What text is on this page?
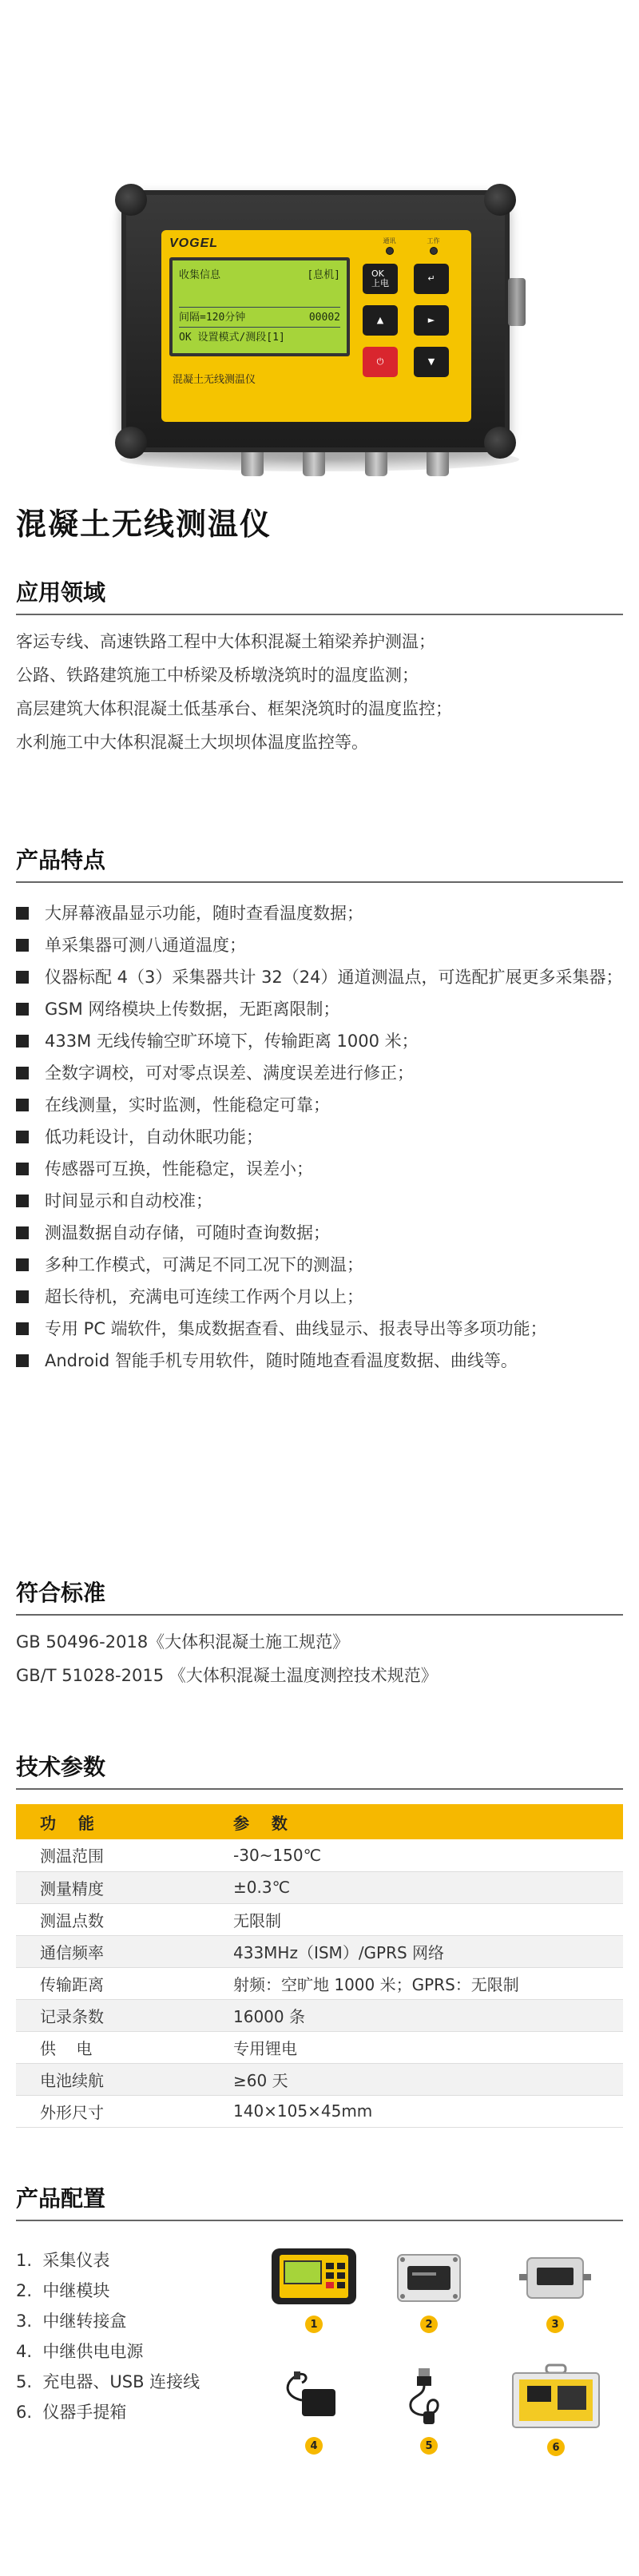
VOGEL
收集信息	[息机]
间隔=120分钟	00002
OK 设置模式/测段[1]
混凝土无线测温仪
通讯	工作
OK
上电	↵
▲	►
⏻	▼
混凝土无线测温仪
应用领域
客运专线、高速铁路工程中大体积混凝土箱梁养护测温；
公路、铁路建筑施工中桥梁及桥墩浇筑时的温度监测；
高层建筑大体积混凝土低基承台、框架浇筑时的温度监控；
水利施工中大体积混凝土大坝坝体温度监控等。
产品特点
大屏幕液晶显示功能，随时查看温度数据；
单采集器可测八通道温度；
仪器标配 4（3）采集器共计 32（24）通道测温点，可选配扩展更多采集器；
GSM 网络模块上传数据，无距离限制；
433M 无线传输空旷环境下，传输距离 1000 米；
全数字调校，可对零点误差、满度误差进行修正；
在线测量，实时监测，性能稳定可靠；
低功耗设计，自动休眠功能；
传感器可互换，性能稳定，误差小；
时间显示和自动校准；
测温数据自动存储，可随时查询数据；
多种工作模式，可满足不同工况下的测温；
超长待机，充满电可连续工作两个月以上；
专用 PC 端软件，集成数据查看、曲线显示、报表导出等多项功能；
Android 智能手机专用软件，随时随地查看温度数据、曲线等。
符合标准
GB 50496-2018《大体积混凝土施工规范》
GB/T 51028-2015 《大体积混凝土温度测控技术规范》
技术参数
功    能	参    数
测温范围	-30~150℃
测量精度	±0.3℃
测温点数	无限制
通信频率	433MHz（ISM）/GPRS 网络
传输距离	射频：空旷地 1000 米；GPRS：无限制
记录条数	16000 条
供    电	专用锂电
电池续航	≥60 天
外形尺寸	140×105×45mm
产品配置
1.  采集仪表
2.  中继模块
3.  中继转接盒
4.  中继供电电源
5.  充电器、USB 连接线
6.  仪器手提箱
1	2	3
4	5	6
